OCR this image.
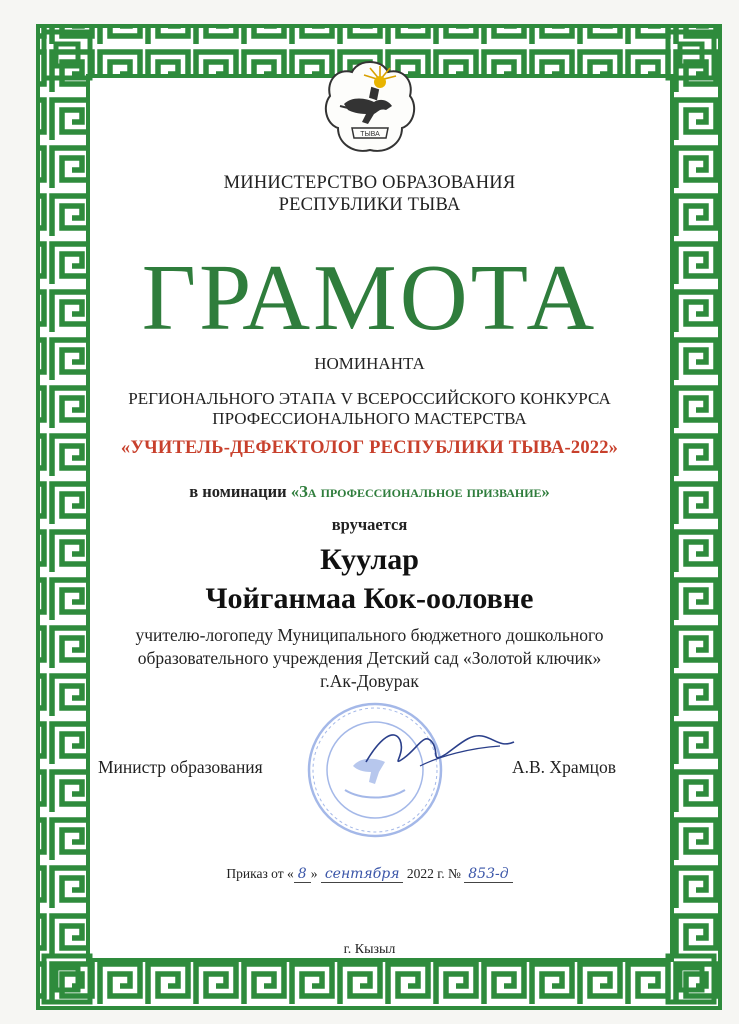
ТЫВА
МИНИСТЕРСТВО ОБРАЗОВАНИЯ
РЕСПУБЛИКИ ТЫВА
ГРАМОТА
НОМИНАНТА
РЕГИОНАЛЬНОГО ЭТАПА V ВСЕРОССИЙСКОГО КОНКУРСА
ПРОФЕССИОНАЛЬНОГО МАСТЕРСТВА
«УЧИТЕЛЬ-ДЕФЕКТОЛОГ РЕСПУБЛИКИ ТЫВА-2022»
в номинации «За профессиональное призвание»
вручается
Куулар
Чойганмаа Кок-ооловне
учителю-логопеду Муниципального бюджетного дошкольного
образовательного учреждения Детский сад «Золотой ключик»
г.Ак-Довурак
Министр образования	А.В. Храмцов
Приказ от « 8 » сентября 2022 г. № 853-д
г. Кызыл
